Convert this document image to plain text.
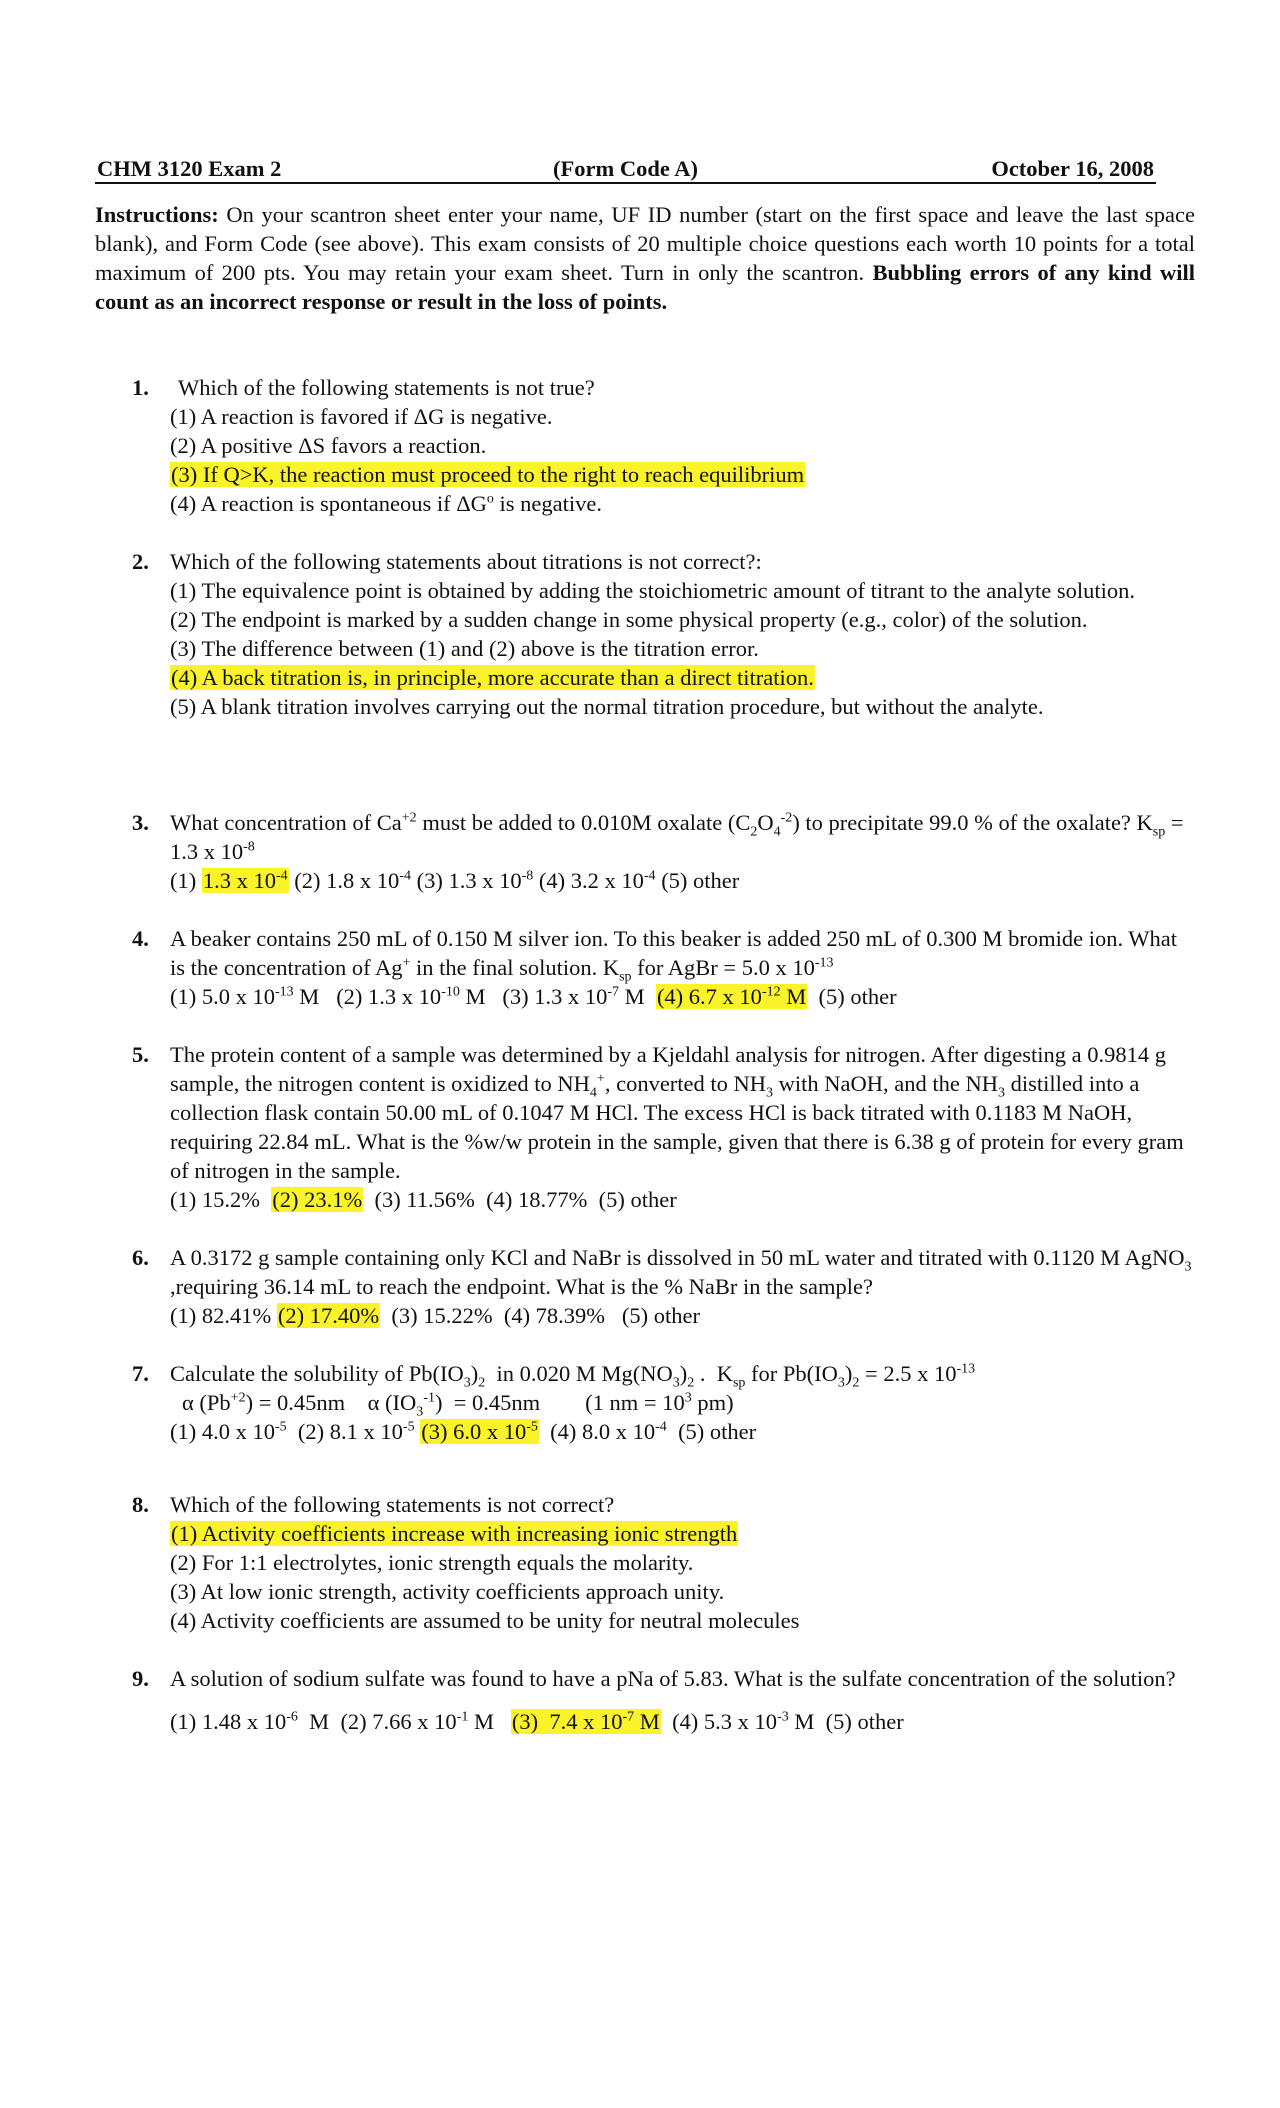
CHM 3120 Exam 2	(Form Code A)	October 16, 2008
Instructions: On your scantron sheet enter your name, UF ID number (start on the first space and leave the last space blank), and Form Code (see above). This exam consists of 20 multiple choice questions each worth 10 points for a total maximum of 200 pts. You may retain your exam sheet. Turn in only the scantron. Bubbling errors of any kind will count as an incorrect response or result in the loss of points.
1.	Which of the following statements is not true?
(1) A reaction is favored if ΔG is negative.
(2) A positive ΔS favors a reaction.
(3) If Q>K, the reaction must proceed to the right to reach equilibrium
(4) A reaction is spontaneous if $\Delta G^o$ is negative.
2. Which of the following statements about titrations is not correct?:
(1) The equivalence point is obtained by adding the stoichiometric amount of titrant to the analyte solution.
(2) The endpoint is marked by a sudden change in some physical property (e.g., color) of the solution.
(3) The difference between (1) and (2) above is the titration error.
(4) A back titration is, in principle, more accurate than a direct titration.
(5) A blank titration involves carrying out the normal titration procedure, but without the analyte.
3. What concentration of $Ca^{+2}$ must be added to 0.010M oxalate $(C_2O_4^{-2})$ to precipitate 99.0 % of the oxalate? $K_{sp} = 1.3$ x $10^{-8}$
(1) 1.3 x $10^{-4}$ (2) 1.8 x $10^{-4}$ (3) 1.3 x $10^{-8}$ (4) 3.2 x $10^{-4}$ (5) other
4. A beaker contains 250 mL of 0.150 M silver ion. To this beaker is added 250 mL of 0.300 M bromide ion. What is the concentration of Ag+ in the final solution. $K_{sp}$ for AgBr = 5.0 x $10^{-13}$
(1) 5.0 x $10^{-13}$ M   (2) 1.3 x $10^{-10}$ M   (3) 1.3 x $10^{-7}$ M  (4) 6.7 x $10^{-12}$ M  (5) other
5. The protein content of a sample was determined by a Kjeldahl analysis for nitrogen. After digesting a 0.9814 g sample, the nitrogen content is oxidized to $NH_4^+$, converted to $NH_3$ with NaOH, and the $NH_3$ distilled into a collection flask contain 50.00 mL of 0.1047 M HCl. The excess HCl is back titrated with 0.1183 M NaOH, requiring 22.84 mL. What is the %w/w protein in the sample, given that there is 6.38 g of protein for every gram of nitrogen in the sample.
(1) 15.2%  (2) 23.1%  (3) 11.56%  (4) 18.77%  (5) other
6. A 0.3172 g sample containing only KCl and NaBr is dissolved in 50 mL water and titrated with 0.1120 M AgNO$_3$ ,requiring 36.14 mL to reach the endpoint. What is the % NaBr in the sample?
(1) 82.41% (2) 17.40%  (3) 15.22%  (4) 78.39%   (5) other
7. Calculate the solubility of $Pb(IO_3)_2$  in 0.020 M $Mg(NO_3)_2$ .  $K_{sp}$ for $Pb(IO_3)_2 = 2.5$ x $10^{-13}$
α $(Pb^{+2}) = 0.45nm$    α $(IO_3^{-1}) = 0.45nm$        (1 nm = $10^3$ pm)
(1) 4.0 x $10^{-5}$  (2) 8.1 x $10^{-5}$ (3) 6.0 x $10^{-5}$  (4) 8.0 x $10^{-4}$  (5) other
8. Which of the following statements is not correct?
(1) Activity coefficients increase with increasing ionic strength
(2) For 1:1 electrolytes, ionic strength equals the molarity.
(3) At low ionic strength, activity coefficients approach unity.
(4) Activity coefficients are assumed to be unity for neutral molecules
9. A solution of sodium sulfate was found to have a pNa of 5.83. What is the sulfate concentration of the solution?
(1) 1.48 x $10^{-6}$  M  (2) 7.66 x $10^{-1}$ M   (3)  7.4 x $10^{-7}$ M  (4) 5.3 x $10^{-3}$ M  (5) other
